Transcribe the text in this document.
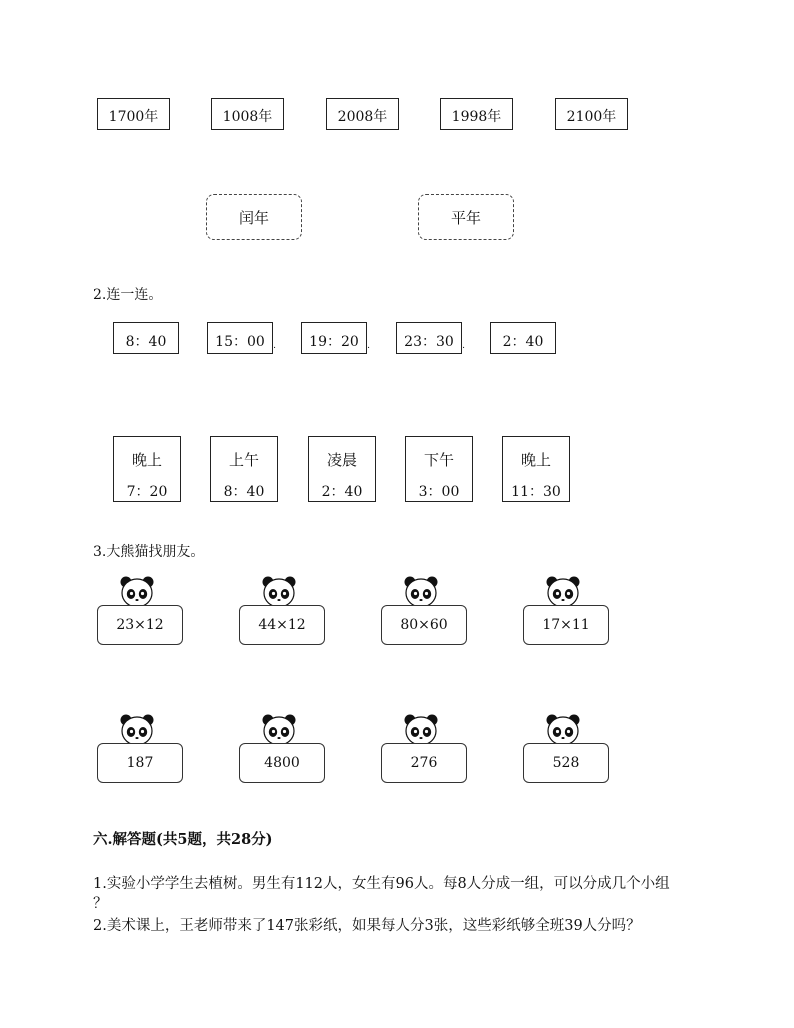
1700年	1008年	2008年	1998年	2100年
闰年	平年
2.连一连。
8：40	15：00 . 19：20 . 23：30 .	2：40
晚上
7：20
上午
8：40
凌晨
2：40
下午
3：00
晚上
11：30
3.大熊猫找朋友。
23×12	44×12	80×60	17×11
187	4800	276	528
六.解答题(共5题，共28分)
1.实验小学学生去植树。男生有112人，女生有96人。每8人分成一组，可以分成几个小组
？
2.美术课上，王老师带来了147张彩纸，如果每人分3张，这些彩纸够全班39人分吗？
